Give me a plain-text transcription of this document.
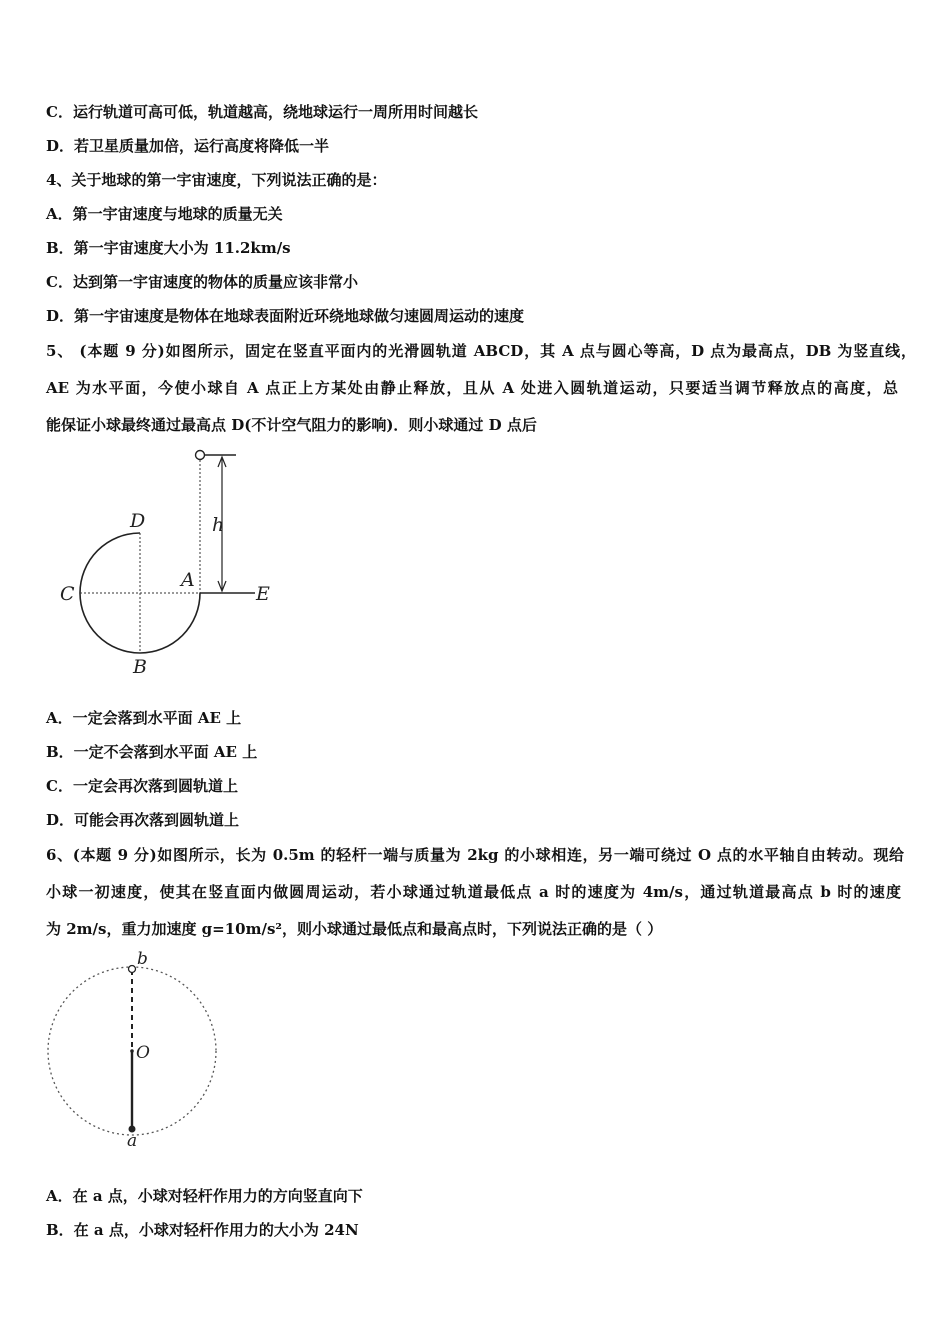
C．运行轨道可高可低，轨道越高，绕地球运行一周所用时间越长
D．若卫星质量加倍，运行高度将降低一半
4、关于地球的第一宇宙速度，下列说法正确的是：
A．第一宇宙速度与地球的质量无关
B．第一宇宙速度大小为 11.2km/s
C．达到第一宇宙速度的物体的质量应该非常小
D．第一宇宙速度是物体在地球表面附近环绕地球做匀速圆周运动的速度
5、 (本题 9 分)如图所示，固定在竖直平面内的光滑圆轨道 ABCD，其 A 点与圆心等高，D 点为最高点，DB 为竖直线，
AE 为水平面，今使小球自 A 点正上方某处由静止释放，且从 A 处进入圆轨道运动，只要适当调节释放点的高度，总
能保证小球最终通过最高点 D(不计空气阻力的影响)．则小球通过 D 点后
h
D
C
A
E
B
A．一定会落到水平面 AE 上
B．一定不会落到水平面 AE 上
C．一定会再次落到圆轨道上
D．可能会再次落到圆轨道上
6、(本题 9 分)如图所示，长为 0.5m 的轻杆一端与质量为 2kg 的小球相连，另一端可绕过 O 点的水平轴自由转动。现给
小球一初速度，使其在竖直面内做圆周运动，若小球通过轨道最低点 a 时的速度为 4m/s，通过轨道最高点 b 时的速度
为 2m/s，重力加速度 g=10m/s²，则小球通过最低点和最高点时，下列说法正确的是（ ）
b
O
a
A．在 a 点，小球对轻杆作用力的方向竖直向下
B．在 a 点，小球对轻杆作用力的大小为 24N
